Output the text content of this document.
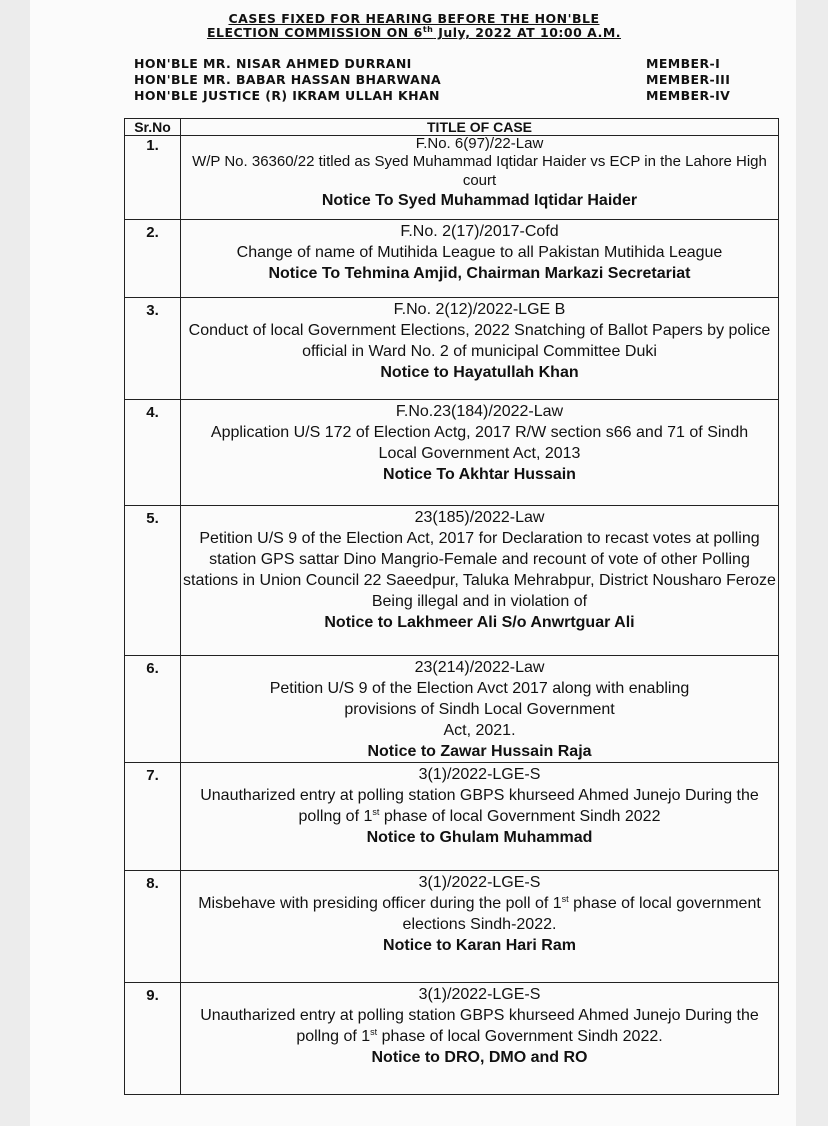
CASES FIXED FOR HEARING BEFORE THE HON'BLE
ELECTION COMMISSION ON 6th July, 2022 AT 10:00 A.M.
HON'BLE MR. NISAR AHMED DURRANI	MEMBER-I
HON'BLE MR. BABAR HASSAN BHARWANA	MEMBER-III
HON'BLE JUSTICE (R) IKRAM ULLAH KHAN	MEMBER-IV
Sr.No	TITLE OF CASE
1.	F.No. 6(97)/22-Law
W/P No. 36360/22 titled as Syed Muhammad Iqtidar Haider vs ECP in the Lahore High court
Notice To Syed Muhammad Iqtidar Haider

2.	F.No. 2(17)/2017-Cofd
Change of name of Mutihida League to all Pakistan Mutihida League
Notice To Tehmina Amjid, Chairman Markazi Secretariat

3.	F.No. 2(12)/2022-LGE B
Conduct of local Government Elections, 2022 Snatching of Ballot Papers by police official in Ward No. 2 of municipal Committee Duki
Notice to Hayatullah Khan

4.	F.No.23(184)/2022-Law
Application U/S 172 of Election Actg, 2017 R/W section s66 and 71 of Sindh Local Government Act, 2013
Notice To Akhtar Hussain

5.	23(185)/2022-Law
Petition U/S 9 of the Election Act, 2017 for Declaration to recast votes at polling station GPS sattar Dino Mangrio-Female and recount of vote of other Polling stations in Union Council 22 Saeedpur, Taluka Mehrabpur, District Nousharo Feroze Being illegal and in violation of
Notice to Lakhmeer Ali S/o Anwrtguar Ali

6.	23(214)/2022-Law
Petition U/S 9 of the Election Avct 2017 along with enabling provisions of Sindh Local Government
Act, 2021.
Notice to Zawar Hussain Raja

7.	3(1)/2022-LGE-S
Unautharized entry at polling station GBPS khurseed Ahmed Junejo During the pollng of 1st phase of local Government Sindh 2022
Notice to Ghulam Muhammad

8.	3(1)/2022-LGE-S
Misbehave with presiding officer during the poll of 1st phase of local government elections Sindh-2022.
Notice to Karan Hari Ram

9.	3(1)/2022-LGE-S
Unautharized entry at polling station GBPS khurseed Ahmed Junejo During the pollng of 1st phase of local Government Sindh 2022.
Notice to DRO, DMO and RO
